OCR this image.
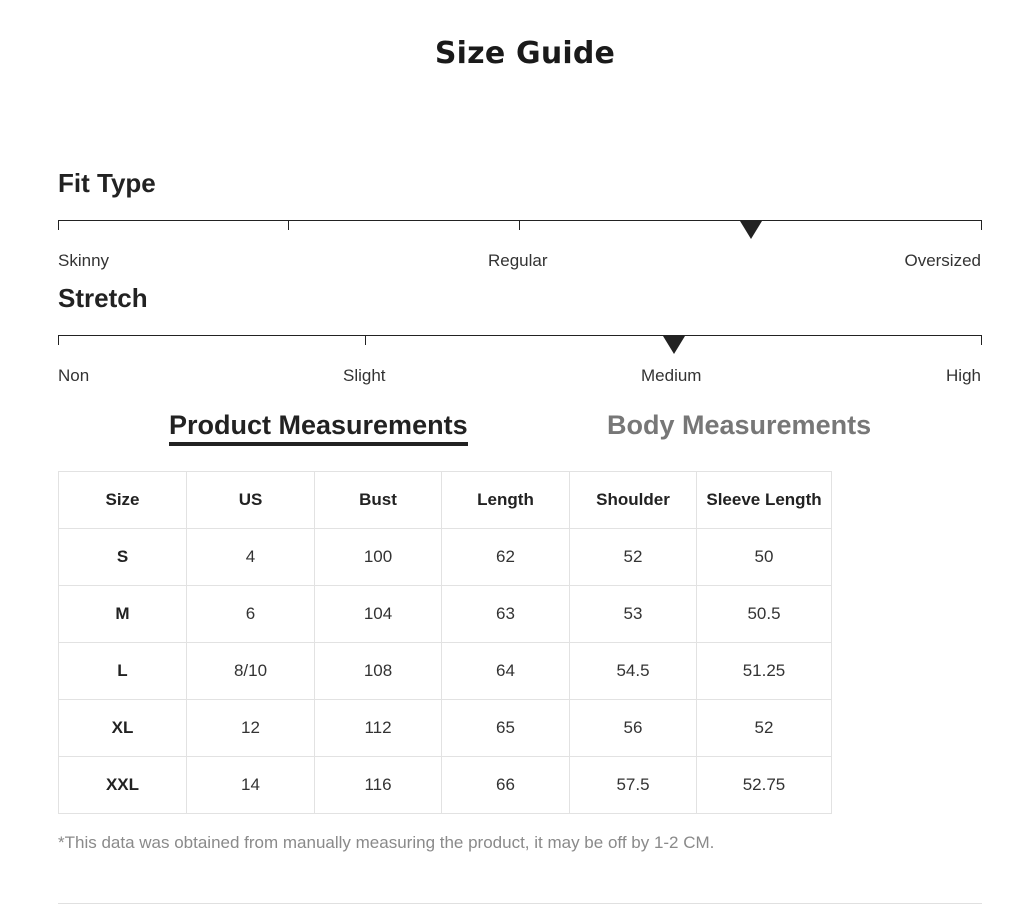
Size Guide
Fit Type
Skinny	Regular	Oversized
Stretch
Non	Slight	Medium	High
Product Measurements	Body Measurements
Size	US	Bust	Length	Shoulder	Sleeve Length
S	4	100	62	52	50
M	6	104	63	53	50.5
L	8/10	108	64	54.5	51.25
XL	12	112	65	56	52
XXL	14	116	66	57.5	52.75
*This data was obtained from manually measuring the product, it may be off by 1-2 CM.
